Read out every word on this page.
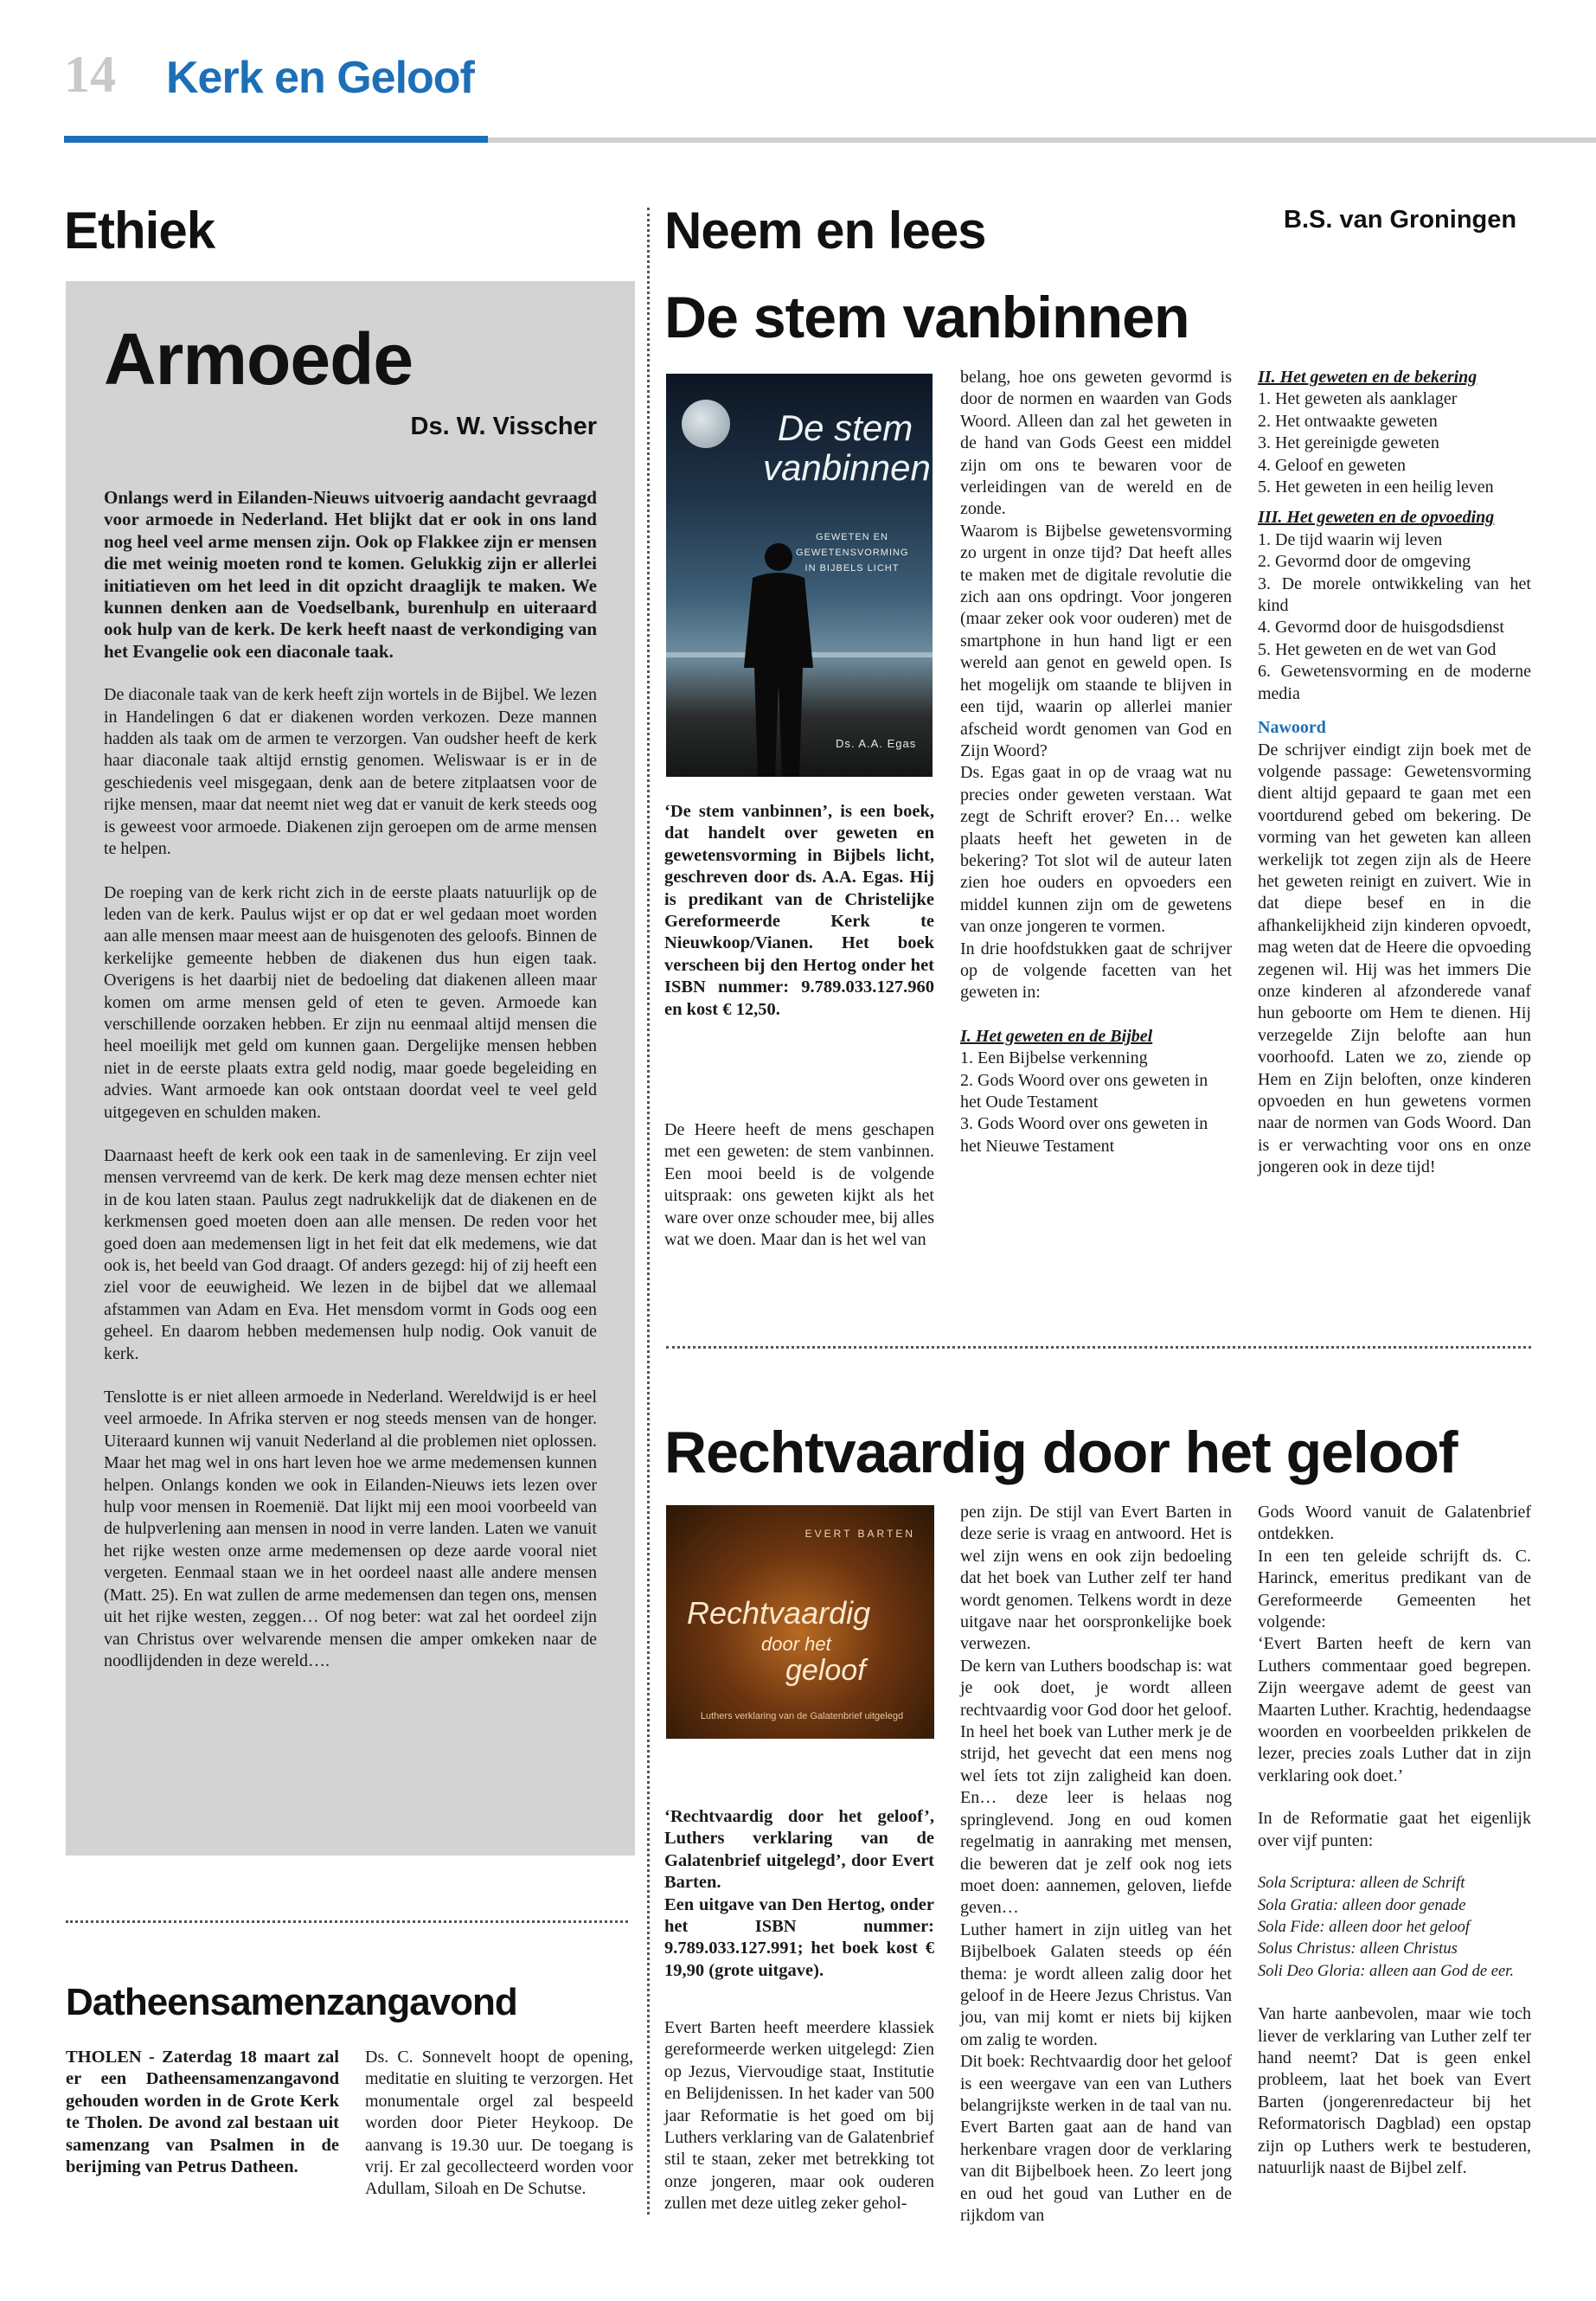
14 Kerk en Geloof
Ethiek
Armoede
Ds. W. Visscher

Onlangs werd in Eilanden-Nieuws uitvoerig aandacht gevraagd voor armoede in Nederland. Het blijkt dat er ook in ons land nog heel veel arme mensen zijn. Ook op Flakkee zijn er mensen die met weinig moeten rond te komen. Gelukkig zijn er allerlei initiatieven om het leed in dit opzicht draaglijk te maken. We kunnen denken aan de Voedselbank, burenhulp en uiteraard ook hulp van de kerk. De kerk heeft naast de verkondiging van het Evangelie ook een diaconale taak.

De diaconale taak van de kerk heeft zijn wortels in de Bijbel. We lezen in Handelingen 6 dat er diakenen worden verkozen. Deze mannen hadden als taak om de armen te verzorgen. Van oudsher heeft de kerk haar diaconale taak altijd ernstig genomen. Weliswaar is er in de geschiedenis veel misgegaan, denk aan de betere zitplaatsen voor de rijke mensen, maar dat neemt niet weg dat er vanuit de kerk steeds oog is geweest voor armoede. Diakenen zijn geroepen om de arme mensen te helpen.

De roeping van de kerk richt zich in de eerste plaats natuurlijk op de leden van de kerk. Paulus wijst er op dat er wel gedaan moet worden aan alle mensen maar meest aan de huisgenoten des geloofs. Binnen de kerkelijke gemeente hebben de diakenen dus hun eigen taak. Overigens is het daarbij niet de bedoeling dat diakenen alleen maar komen om arme mensen geld of eten te geven. Armoede kan verschillende oorzaken hebben. Er zijn nu eenmaal altijd mensen die heel moeilijk met geld om kunnen gaan. Dergelijke mensen hebben niet in de eerste plaats extra geld nodig, maar goede begeleiding en advies. Want armoede kan ook ontstaan doordat veel te veel geld uitgegeven en schulden maken.

Daarnaast heeft de kerk ook een taak in de samenleving. Er zijn veel mensen vervreemd van de kerk. De kerk mag deze mensen echter niet in de kou laten staan. Paulus zegt nadrukkelijk dat de diakenen en de kerkmensen goed moeten doen aan alle mensen. De reden voor het goed doen aan medemensen ligt in het feit dat elk medemens, wie dat ook is, het beeld van God draagt. Of anders gezegd: hij of zij heeft een ziel voor de eeuwigheid. We lezen in de bijbel dat we allemaal afstammen van Adam en Eva. Het mensdom vormt in Gods oog een geheel. En daarom hebben medemensen hulp nodig. Ook vanuit de kerk.

Tenslotte is er niet alleen armoede in Nederland. Wereldwijd is er heel veel armoede. In Afrika sterven er nog steeds mensen van de honger. Uiteraard kunnen wij vanuit Nederland al die problemen niet oplossen. Maar het mag wel in ons hart leven hoe we arme medemensen kunnen helpen. Onlangs konden we ook in Eilanden-Nieuws iets lezen over hulp voor mensen in Roemenië. Dat lijkt mij een mooi voorbeeld van de hulpverlening aan mensen in nood in verre landen. Laten we vanuit het rijke westen onze arme medemensen op deze aarde vooral niet vergeten. Eenmaal staan we in het oordeel naast alle andere mensen (Matt. 25). En wat zullen de arme medemensen dan tegen ons, mensen uit het rijke westen, zeggen… Of nog beter: wat zal het oordeel zijn van Christus over welvarende mensen die amper omkeken naar de noodlijdenden in deze wereld….

Datheensamenzangavond
THOLEN - Zaterdag 18 maart zal er een Datheensamenzangavond gehouden worden in de Grote Kerk te Tholen. De avond zal bestaan uit samenzang van Psalmen in de berijming van Petrus Datheen.
Ds. C. Sonnevelt hoopt de opening, meditatie en sluiting te verzorgen. Het monumentale orgel zal bespeeld worden door Pieter Heykoop. De aanvang is 19.30 uur. De toegang is vrij. Er zal gecollecteerd worden voor Adullam, Siloah en De Schutse.
Neem en lees	B.S. van Groningen
De stem vanbinnen
De stem
vanbinnen
GEWETEN EN GEWETENSVORMING IN BIJBELS LICHT
Ds. A.A. Egas
‘De stem vanbinnen’, is een boek, dat handelt over geweten en gewetensvorming in Bijbels licht, geschreven door ds. A.A. Egas. Hij is predikant van de Christelijke Gereformeerde Kerk te Nieuwkoop/Vianen. Het boek verscheen bij den Hertog onder het ISBN nummer: 9.789.033.127.960 en kost € 12,50.
De Heere heeft de mens geschapen met een geweten: de stem vanbinnen. Een mooi beeld is de volgende uitspraak: ons geweten kijkt als het ware over onze schouder mee, bij alles wat we doen. Maar dan is het wel van

belang, hoe ons geweten gevormd is door de normen en waarden van Gods Woord. Alleen dan zal het geweten in de hand van Gods Geest een middel zijn om ons te bewaren voor de verleidingen van de wereld en de zonde.

Waarom is Bijbelse gewetensvorming zo urgent in onze tijd? Dat heeft alles te maken met de digitale revolutie die zich aan ons opdringt. Voor jongeren (maar zeker ook voor ouderen) met de smartphone in hun hand ligt er een wereld aan genot en geweld open. Is het mogelijk om staande te blijven in een tijd, waarin op allerlei manier afscheid wordt genomen van God en Zijn Woord?

Ds. Egas gaat in op de vraag wat nu precies onder geweten verstaan. Wat zegt de Schrift erover? En… welke plaats heeft het geweten in de bekering? Tot slot wil de auteur laten zien hoe ouders en opvoeders een middel kunnen zijn om de gewetens van onze jongeren te vormen.

In drie hoofdstukken gaat de schrijver op de volgende facetten van het geweten in:

I. Het geweten en de Bijbel
1. Een Bijbelse verkenning
2. Gods Woord over ons geweten in het Oude Testament
3. Gods Woord over ons geweten in het Nieuwe Testament
II. Het geweten en de bekering
1. Het geweten als aanklager
2. Het ontwaakte geweten
3. Het gereinigde geweten
4. Geloof en geweten
5. Het geweten in een heilig leven
III. Het geweten en de opvoeding
1. De tijd waarin wij leven
2. Gevormd door de omgeving
3. De morele ontwikkeling van het kind
4. Gevormd door de huisgodsdienst
5. Het geweten en de wet van God
6. Gewetensvorming en de moderne media
Nawoord
De schrijver eindigt zijn boek met de volgende passage: Gewetensvorming dient altijd gepaard te gaan met een voortdurend gebed om bekering. De vorming van het geweten kan alleen werkelijk tot zegen zijn als de Heere het geweten reinigt en zuivert. Wie in dat diepe besef en in die afhankelijkheid zijn kinderen opvoedt, mag weten dat de Heere die opvoeding zegenen wil. Hij was het immers Die onze kinderen al afzonderede vanaf hun geboorte om Hem te dienen. Hij verzegelde Zijn belofte aan hun voorhoofd. Laten we zo, ziende op Hem en Zijn beloften, onze kinderen opvoeden en hun gewetens vormen naar de normen van Gods Woord. Dan is er verwachting voor ons en onze jongeren ook in deze tijd!
Rechtvaardig door het geloof
EVERT BARTEN
Rechtvaardig
door het
geloof
Luthers verklaring van de Galatenbrief uitgelegd
‘Rechtvaardig door het geloof’, Luthers verklaring van de Galatenbrief uitgelegd’, door Evert Barten.
Een uitgave van Den Hertog, onder het ISBN nummer: 9.789.033.127.991; het boek kost € 19,90 (grote uitgave).
Evert Barten heeft meerdere klassiek gereformeerde werken uitgelegd: Zien op Jezus, Viervoudige staat, Institutie en Belijdenissen. In het kader van 500 jaar Reformatie is het goed om bij Luthers verklaring van de Galatenbrief stil te staan, zeker met betrekking tot onze jongeren, maar ook ouderen zullen met deze uitleg zeker gehol-

pen zijn. De stijl van Evert Barten in deze serie is vraag en antwoord. Het is wel zijn wens en ook zijn bedoeling dat het boek van Luther zelf ter hand wordt genomen. Telkens wordt in deze uitgave naar het oorspronkelijke boek verwezen.

De kern van Luthers boodschap is: wat je ook doet, je wordt alleen rechtvaardig voor God door het geloof. In heel het boek van Luther merk je de strijd, het gevecht dat een mens nog wel íets tot zijn zaligheid kan doen. En… deze leer is helaas nog springlevend. Jong en oud komen regelmatig in aanraking met mensen, die beweren dat je zelf ook nog iets moet doen: aannemen, geloven, liefde geven…

Luther hamert in zijn uitleg van het Bijbelboek Galaten steeds op één thema: je wordt alleen zalig door het geloof in de Heere Jezus Christus. Van jou, van mij komt er niets bij kijken om zalig te worden.

Dit boek: Rechtvaardig door het geloof is een weergave van een van Luthers belangrijkste werken in de taal van nu. Evert Barten gaat aan de hand van herkenbare vragen door de verklaring van dit Bijbelboek heen. Zo leert jong en oud het goud van Luther en de rijkdom van

Gods Woord vanuit de Galatenbrief ontdekken.

In een ten geleide schrijft ds. C. Harinck, emeritus predikant van de Gereformeerde Gemeenten het volgende:

‘Evert Barten heeft de kern van Luthers commentaar goed begrepen. Zijn weergave ademt de geest van Maarten Luther. Krachtig, hedendaagse woorden en voorbeelden prikkelen de lezer, precies zoals Luther dat in zijn verklaring ook doet.’

In de Reformatie gaat het eigenlijk over vijf punten:

Sola Scriptura: alleen de Schrift
Sola Gratia: alleen door genade
Sola Fide: alleen door het geloof
Solus Christus: alleen Christus
Soli Deo Gloria: alleen aan God de eer.

Van harte aanbevolen, maar wie toch liever de verklaring van Luther zelf ter hand neemt? Dat is geen enkel probleem, laat het boek van Evert Barten (jongerenredacteur bij het Reformatorisch Dagblad) een opstap zijn op Luthers werk te bestuderen, natuurlijk naast de Bijbel zelf.
